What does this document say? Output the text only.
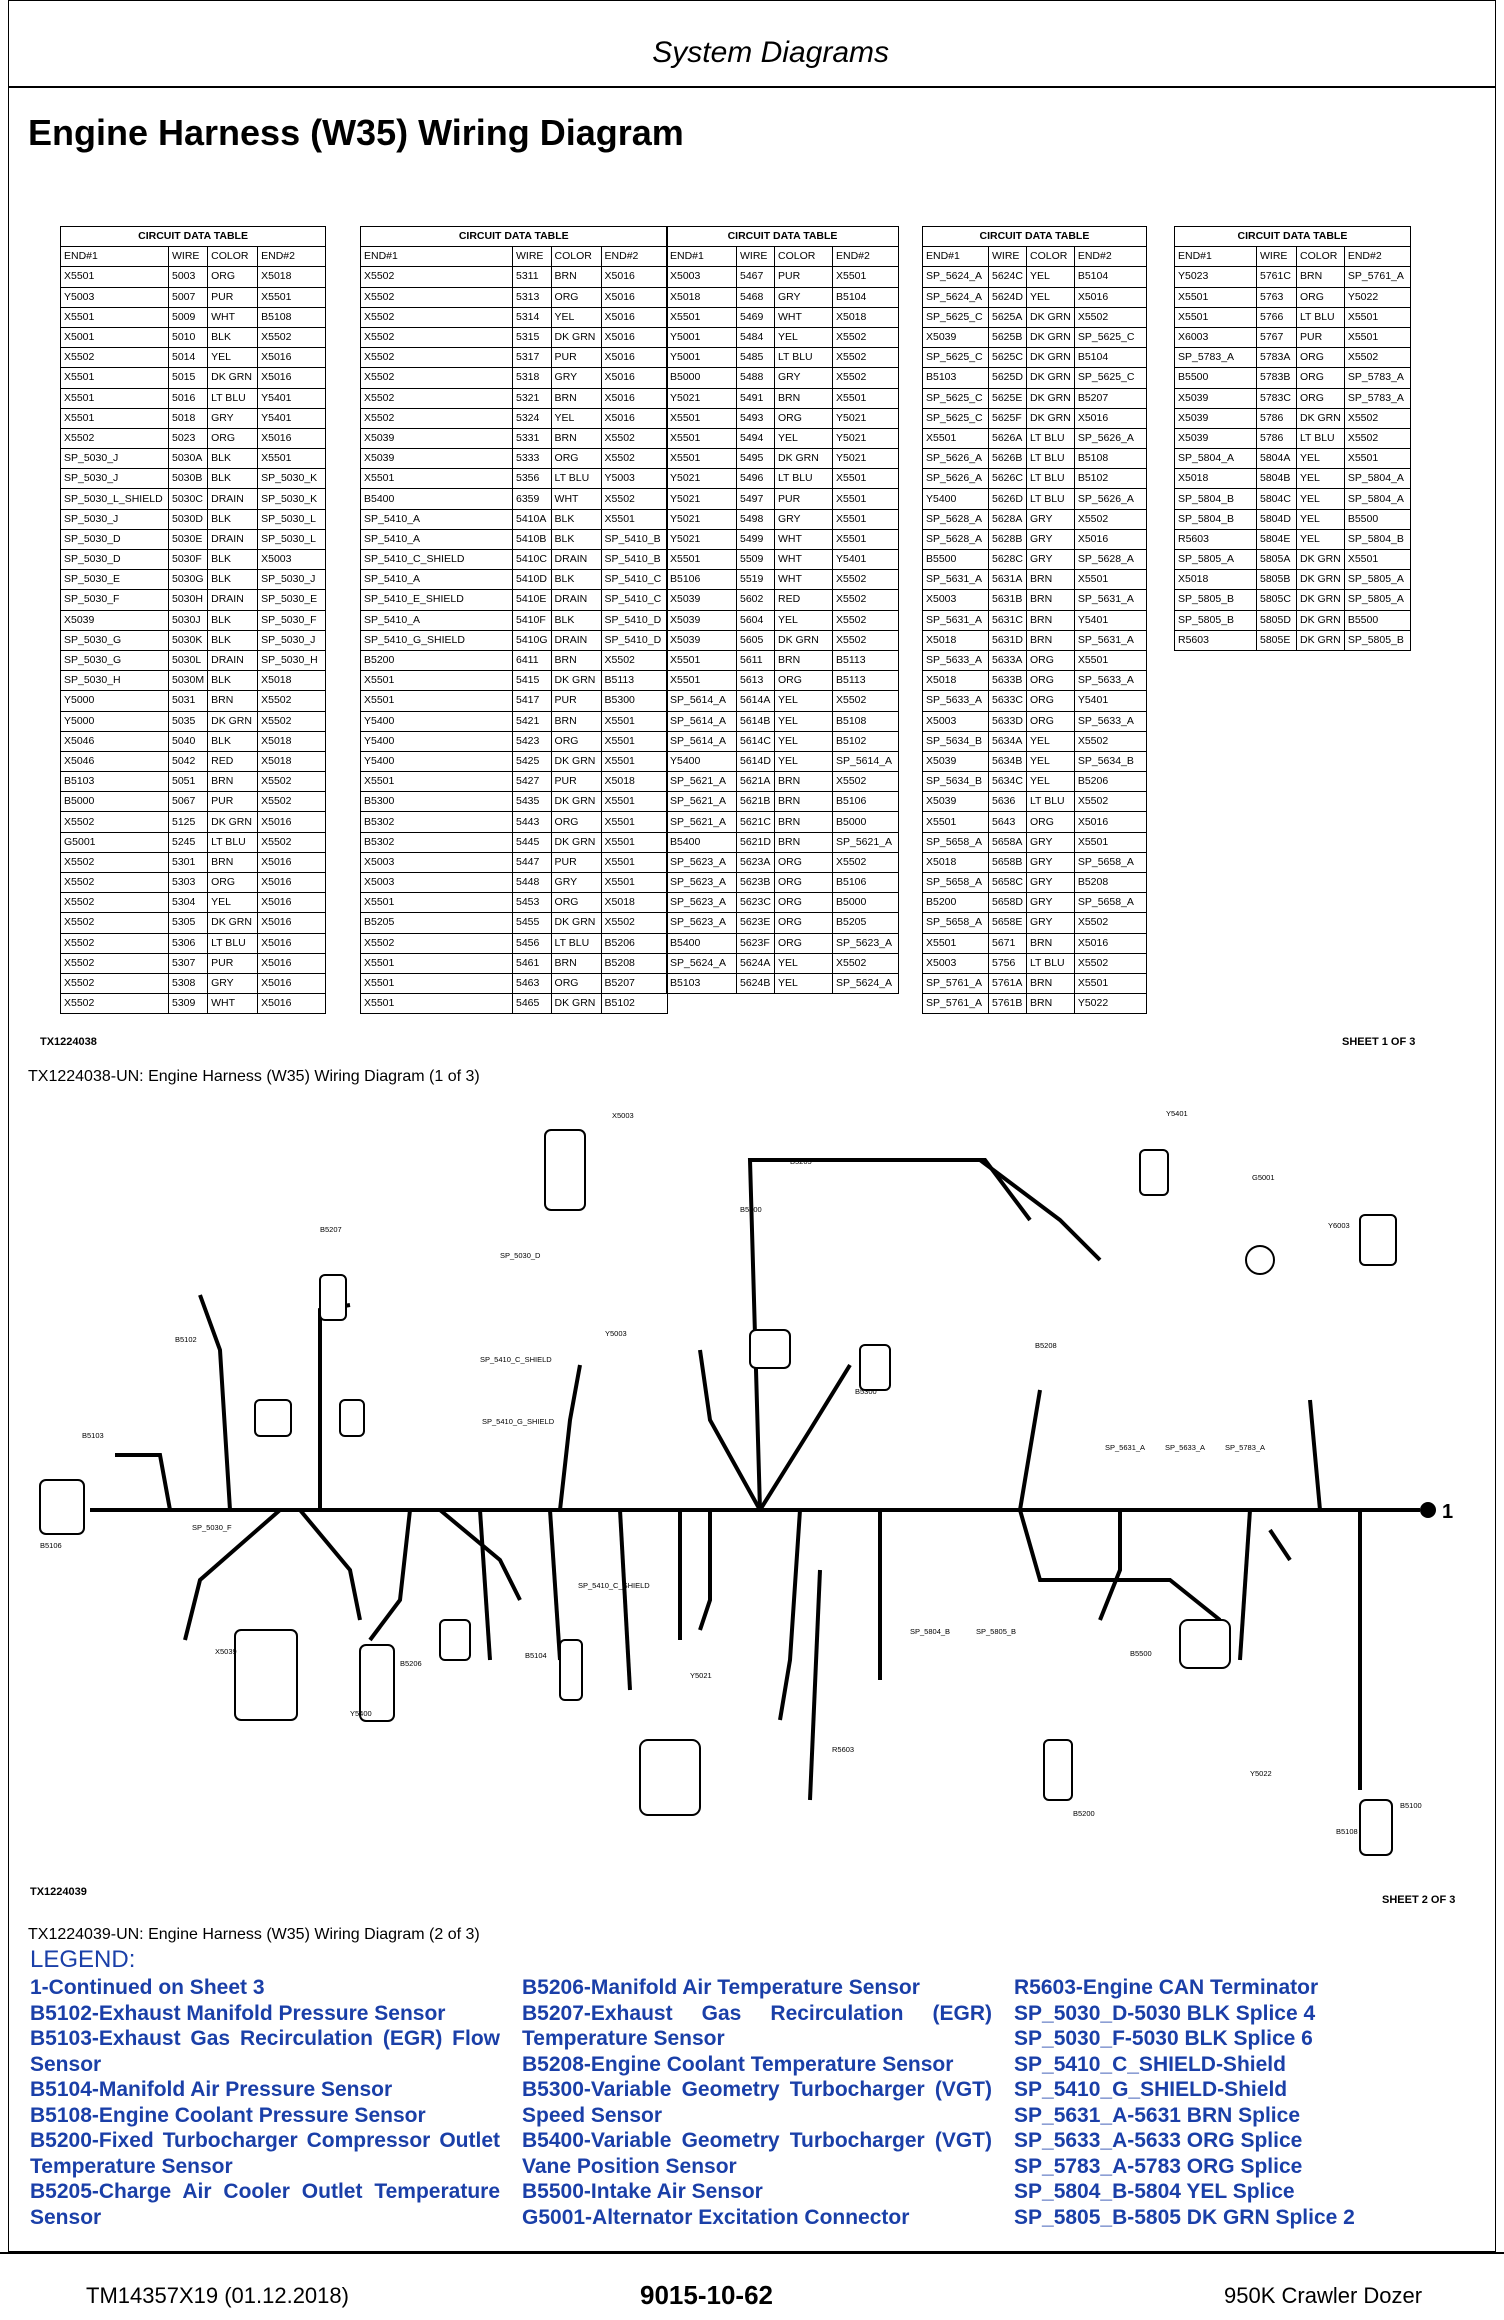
System Diagrams
Engine Harness (W35) Wiring Diagram
CIRCUIT DATA TABLE			
END#1	WIRE	COLOR	END#2
X5501	5003	ORG	X5018
Y5003	5007	PUR	X5501
X5501	5009	WHT	B5108
X5001	5010	BLK	X5502
X5502	5014	YEL	X5016
X5501	5015	DK GRN	X5016
X5501	5016	LT BLU	Y5401
X5501	5018	GRY	Y5401
X5502	5023	ORG	X5016
SP_5030_J	5030A	BLK	X5501
SP_5030_J	5030B	BLK	SP_5030_K
SP_5030_L_SHIELD	5030C	DRAIN	SP_5030_K
SP_5030_J	5030D	BLK	SP_5030_L
SP_5030_D	5030E	DRAIN	SP_5030_L
SP_5030_D	5030F	BLK	X5003
SP_5030_E	5030G	BLK	SP_5030_J
SP_5030_F	5030H	DRAIN	SP_5030_E
X5039	5030J	BLK	SP_5030_F
SP_5030_G	5030K	BLK	SP_5030_J
SP_5030_G	5030L	DRAIN	SP_5030_H
SP_5030_H	5030M	BLK	X5018
Y5000	5031	BRN	X5502
Y5000	5035	DK GRN	X5502
X5046	5040	BLK	X5018
X5046	5042	RED	X5018
B5103	5051	BRN	X5502
B5000	5067	PUR	X5502
X5502	5125	DK GRN	X5016
G5001	5245	LT BLU	X5502
X5502	5301	BRN	X5016
X5502	5303	ORG	X5016
X5502	5304	YEL	X5016
X5502	5305	DK GRN	X5016
X5502	5306	LT BLU	X5016
X5502	5307	PUR	X5016
X5502	5308	GRY	X5016
X5502	5309	WHT	X5016
CIRCUIT DATA TABLE			
END#1	WIRE	COLOR	END#2
X5502	5311	BRN	X5016
X5502	5313	ORG	X5016
X5502	5314	YEL	X5016
X5502	5315	DK GRN	X5016
X5502	5317	PUR	X5016
X5502	5318	GRY	X5016
X5502	5321	BRN	X5016
X5502	5324	YEL	X5016
X5039	5331	BRN	X5502
X5039	5333	ORG	X5502
X5501	5356	LT BLU	Y5003
B5400	6359	WHT	X5502
SP_5410_A	5410A	BLK	X5501
SP_5410_A	5410B	BLK	SP_5410_B
SP_5410_C_SHIELD	5410C	DRAIN	SP_5410_B
SP_5410_A	5410D	BLK	SP_5410_C
SP_5410_E_SHIELD	5410E	DRAIN	SP_5410_C
SP_5410_A	5410F	BLK	SP_5410_D
SP_5410_G_SHIELD	5410G	DRAIN	SP_5410_D
B5200	6411	BRN	X5502
X5501	5415	DK GRN	B5113
X5501	5417	PUR	B5300
Y5400	5421	BRN	X5501
Y5400	5423	ORG	X5501
Y5400	5425	DK GRN	X5501
X5501	5427	PUR	X5018
B5300	5435	DK GRN	X5501
B5302	5443	ORG	X5501
B5302	5445	DK GRN	X5501
X5003	5447	PUR	X5501
X5003	5448	GRY	X5501
X5501	5453	ORG	X5018
B5205	5455	DK GRN	X5502
X5502	5456	LT BLU	B5206
X5501	5461	BRN	B5208
X5501	5463	ORG	B5207
X5501	5465	DK GRN	B5102
CIRCUIT DATA TABLE			
END#1	WIRE	COLOR	END#2
X5003	5467	PUR	X5501
X5018	5468	GRY	B5104
X5501	5469	WHT	X5018
Y5001	5484	YEL	X5502
Y5001	5485	LT BLU	X5502
B5000	5488	GRY	X5502
Y5021	5491	BRN	X5501
X5501	5493	ORG	Y5021
X5501	5494	YEL	Y5021
X5501	5495	DK GRN	Y5021
Y5021	5496	LT BLU	X5501
Y5021	5497	PUR	X5501
Y5021	5498	GRY	X5501
Y5021	5499	WHT	X5501
X5501	5509	WHT	Y5401
B5106	5519	WHT	X5502
X5039	5602	RED	X5502
X5039	5604	YEL	X5502
X5039	5605	DK GRN	X5502
X5501	5611	BRN	B5113
X5501	5613	ORG	B5113
SP_5614_A	5614A	YEL	X5502
SP_5614_A	5614B	YEL	B5108
SP_5614_A	5614C	YEL	B5102
Y5400	5614D	YEL	SP_5614_A
SP_5621_A	5621A	BRN	X5502
SP_5621_A	5621B	BRN	B5106
SP_5621_A	5621C	BRN	B5000
B5400	5621D	BRN	SP_5621_A
SP_5623_A	5623A	ORG	X5502
SP_5623_A	5623B	ORG	B5106
SP_5623_A	5623C	ORG	B5000
SP_5623_A	5623E	ORG	B5205
B5400	5623F	ORG	SP_5623_A
SP_5624_A	5624A	YEL	X5502
B5103	5624B	YEL	SP_5624_A
CIRCUIT DATA TABLE			
END#1	WIRE	COLOR	END#2
SP_5624_A	5624C	YEL	B5104
SP_5624_A	5624D	YEL	X5016
SP_5625_C	5625A	DK GRN	X5502
X5039	5625B	DK GRN	SP_5625_C
SP_5625_C	5625C	DK GRN	B5104
B5103	5625D	DK GRN	SP_5625_C
SP_5625_C	5625E	DK GRN	B5207
SP_5625_C	5625F	DK GRN	X5016
X5501	5626A	LT BLU	SP_5626_A
SP_5626_A	5626B	LT BLU	B5108
SP_5626_A	5626C	LT BLU	B5102
Y5400	5626D	LT BLU	SP_5626_A
SP_5628_A	5628A	GRY	X5502
SP_5628_A	5628B	GRY	X5016
B5500	5628C	GRY	SP_5628_A
SP_5631_A	5631A	BRN	X5501
X5003	5631B	BRN	SP_5631_A
SP_5631_A	5631C	BRN	Y5401
X5018	5631D	BRN	SP_5631_A
SP_5633_A	5633A	ORG	X5501
X5018	5633B	ORG	SP_5633_A
SP_5633_A	5633C	ORG	Y5401
X5003	5633D	ORG	SP_5633_A
SP_5634_B	5634A	YEL	X5502
X5039	5634B	YEL	SP_5634_B
SP_5634_B	5634C	YEL	B5206
X5039	5636	LT BLU	X5502
X5501	5643	ORG	X5016
SP_5658_A	5658A	GRY	X5501
X5018	5658B	GRY	SP_5658_A
SP_5658_A	5658C	GRY	B5208
B5200	5658D	GRY	SP_5658_A
SP_5658_A	5658E	GRY	X5502
X5501	5671	BRN	X5016
X5003	5756	LT BLU	X5502
SP_5761_A	5761A	BRN	X5501
SP_5761_A	5761B	BRN	Y5022
CIRCUIT DATA TABLE			
END#1	WIRE	COLOR	END#2
Y5023	5761C	BRN	SP_5761_A
X5501	5763	ORG	Y5022
X5501	5766	LT BLU	X5501
X6003	5767	PUR	X5501
SP_5783_A	5783A	ORG	X5502
B5500	5783B	ORG	SP_5783_A
X5039	5783C	ORG	SP_5783_A
X5039	5786	DK GRN	X5502
X5039	5786	LT BLU	X5502
SP_5804_A	5804A	YEL	X5501
X5018	5804B	YEL	SP_5804_A
SP_5804_B	5804C	YEL	SP_5804_A
SP_5804_B	5804D	YEL	B5500
R5603	5804E	YEL	SP_5804_B
SP_5805_A	5805A	DK GRN	X5501
X5018	5805B	DK GRN	SP_5805_A
SP_5805_B	5805C	DK GRN	SP_5805_A
SP_5805_B	5805D	DK GRN	B5500
R5603	5805E	DK GRN	SP_5805_B
TX1224038	SHEET 1 OF 3
TX1224038-UN: Engine Harness (W35) Wiring Diagram (1 of 3)
1
X5003	Y5401
G5001
Y6003
B5205
B5400
B5207
B5208
B5102
SP_5030_D
SP_5410_C_SHIELD
SP_5410_G_SHIELD
Y5003
B5300
B5103
SP_5030_F
SP_5410_C_SHIELD
SP_5804_B	SP_5805_B
SP_5631_A	SP_5633_A	SP_5783_A
B5106
X5039
Y5400
B5206
B5104
Y5021
R5603
B5500
B5200
Y5022
B5108
B5100
TX1224039
SHEET 2 OF 3
TX1224039-UN: Engine Harness (W35) Wiring Diagram (2 of 3)
LEGEND:
1-Continued on Sheet 3
B5102-Exhaust Manifold Pressure Sensor
B5103-Exhaust Gas Recirculation (EGR) Flow Sensor
B5104-Manifold Air Pressure Sensor
B5108-Engine Coolant Pressure Sensor
B5200-Fixed Turbocharger Compressor Outlet Temperature Sensor
B5205-Charge Air Cooler Outlet Temperature Sensor
B5206-Manifold Air Temperature Sensor
B5207-Exhaust Gas Recirculation (EGR) Temperature Sensor
B5208-Engine Coolant Temperature Sensor
B5300-Variable Geometry Turbocharger (VGT) Speed Sensor
B5400-Variable Geometry Turbocharger (VGT) Vane Position Sensor
B5500-Intake Air Sensor
G5001-Alternator Excitation Connector
R5603-Engine CAN Terminator
SP_5030_D-5030 BLK Splice 4
SP_5030_F-5030 BLK Splice 6
SP_5410_C_SHIELD-Shield
SP_5410_G_SHIELD-Shield
SP_5631_A-5631 BRN Splice
SP_5633_A-5633 ORG Splice
SP_5783_A-5783 ORG Splice
SP_5804_B-5804 YEL Splice
SP_5805_B-5805 DK GRN Splice 2
TM14357X19 (01.12.2018)	9015-10-62	950K Crawler Dozer
